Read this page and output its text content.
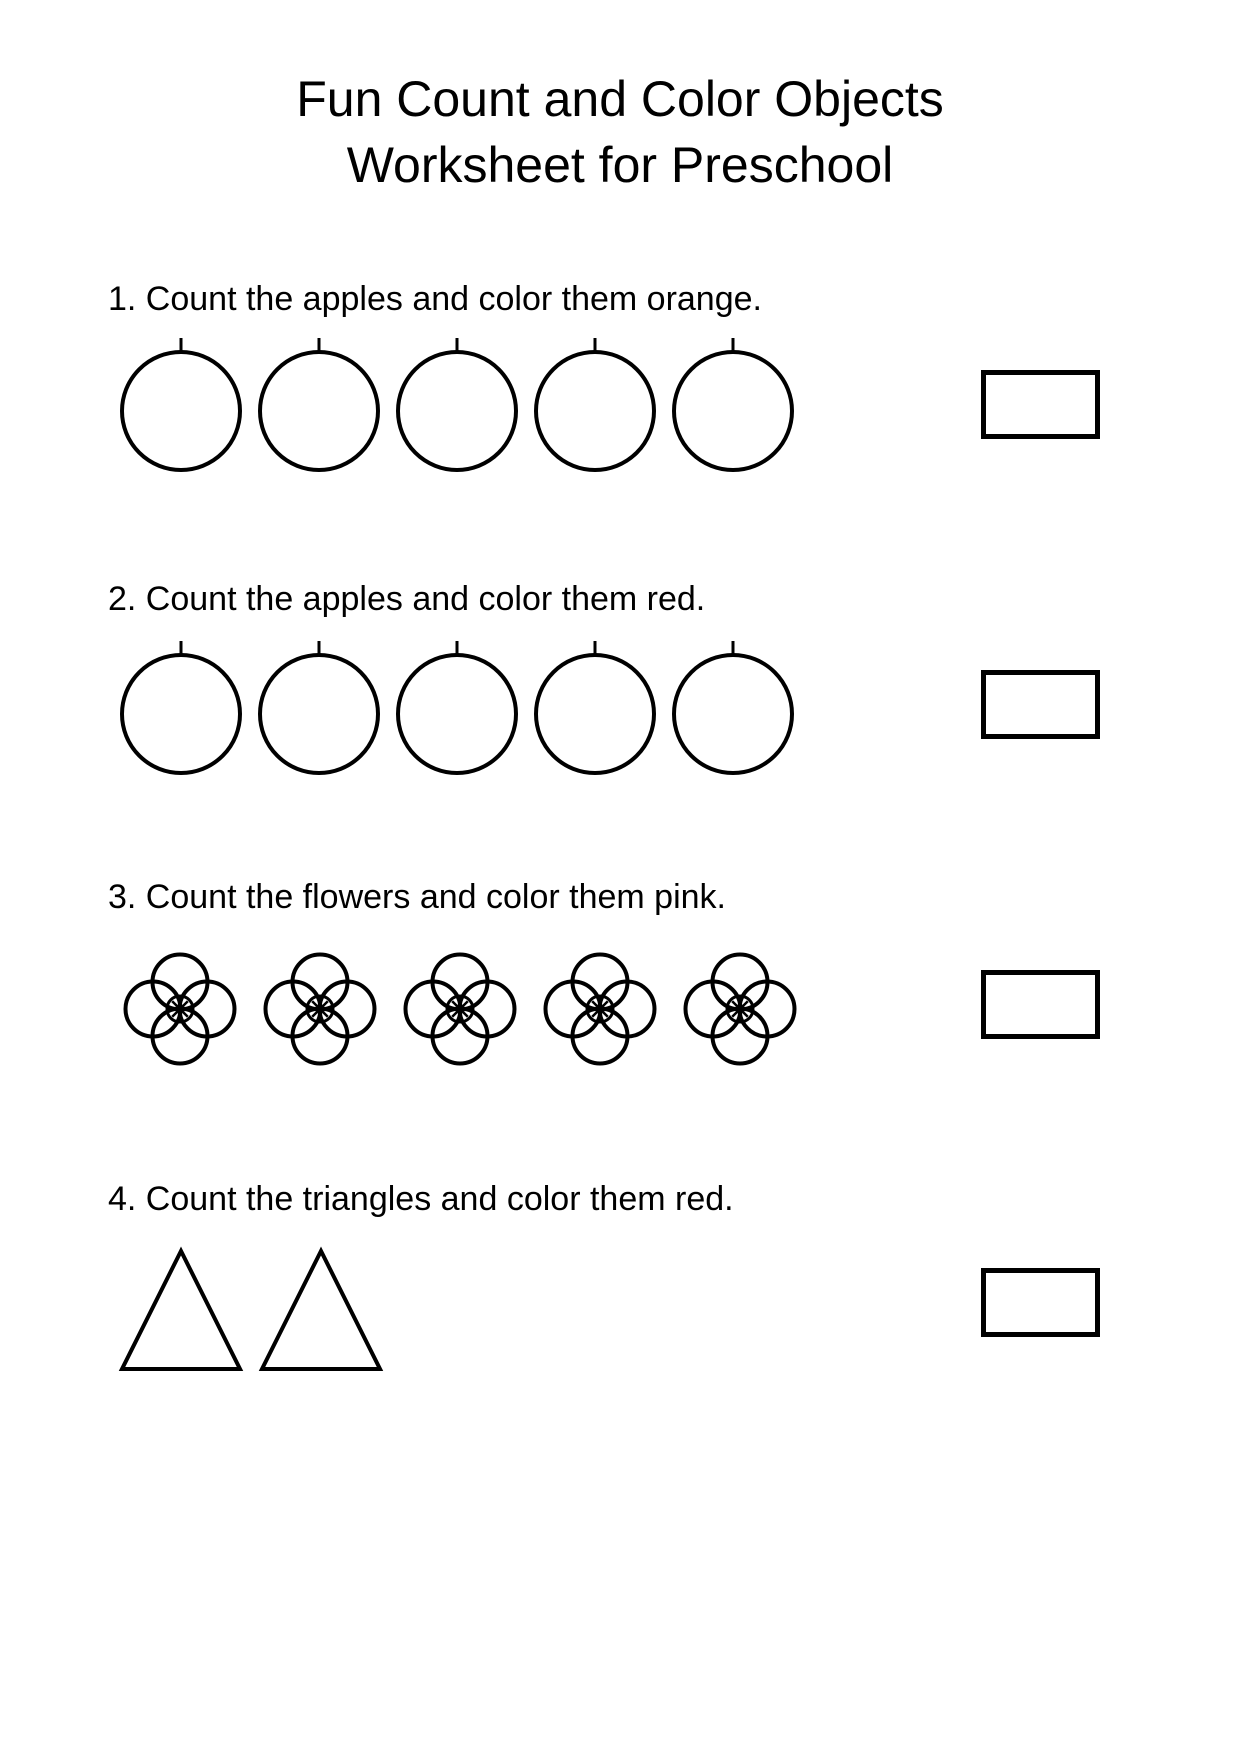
Fun Count and Color Objects
Worksheet for Preschool

1. Count the apples and color them orange.

2. Count the apples and color them red.

3. Count the flowers and color them pink.

4. Count the triangles and color them red.
